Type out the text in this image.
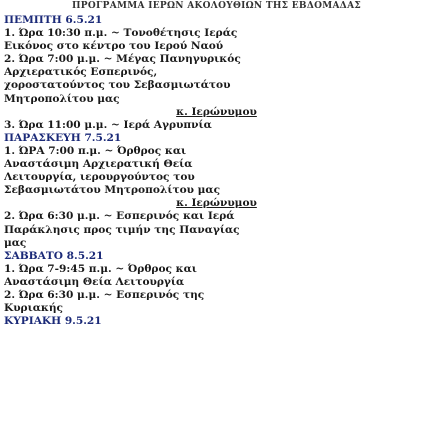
ΠΡΟΓΡΑΜΜΑ ΙΕΡΩΝ ΑΚΟΛΟΥΘΙΩΝ ΤΗΣ ΕΒΔΟΜΑΔΑΣ
ΠΕΜΠΤΗ 6.5.21
1. Ώρα 10:30 π.μ. ~ Τονοθέτησις Ιεράς
Εικόνος στο κέντρο του Ιερού Ναού
2. Ώρα 7:00 μ.μ. ~ Μέγας Πανηγυρικός
Αρχιερατικός Εσπερινός,
χοροστατούντος του Σεβασμιωτάτου
Μητροπολίτου μας
κ. Ιερώνυμου
3. Ώρα 11:00 μ.μ. ~ Ιερά Αγρυπνία
ΠΑΡΑΣΚΕΥΗ 7.5.21
1. ΏΡΑ 7:00 π.μ. ~ Όρθρος και
Αναστάσιμη Αρχιερατική Θεία
Λειτουργία, ιερουργούντος του
Σεβασμιωτάτου Μητροπολίτου μας
κ. Ιερώνυμου
2. Ώρα 6:30 μ.μ. ~ Εσπερινός και Ιερά
Παράκλησις προς τιμήν της Παναγίας
μας
ΣΑΒΒΑΤΟ 8.5.21
1. Ώρα 7-9:45 π.μ. ~ Όρθρος και
Αναστάσιμη Θεία Λειτουργία
2. Ώρα 6:30 μ.μ. ~ Εσπερινός της
Κυριακής
ΚΥΡΙΑΚΗ 9.5.21
